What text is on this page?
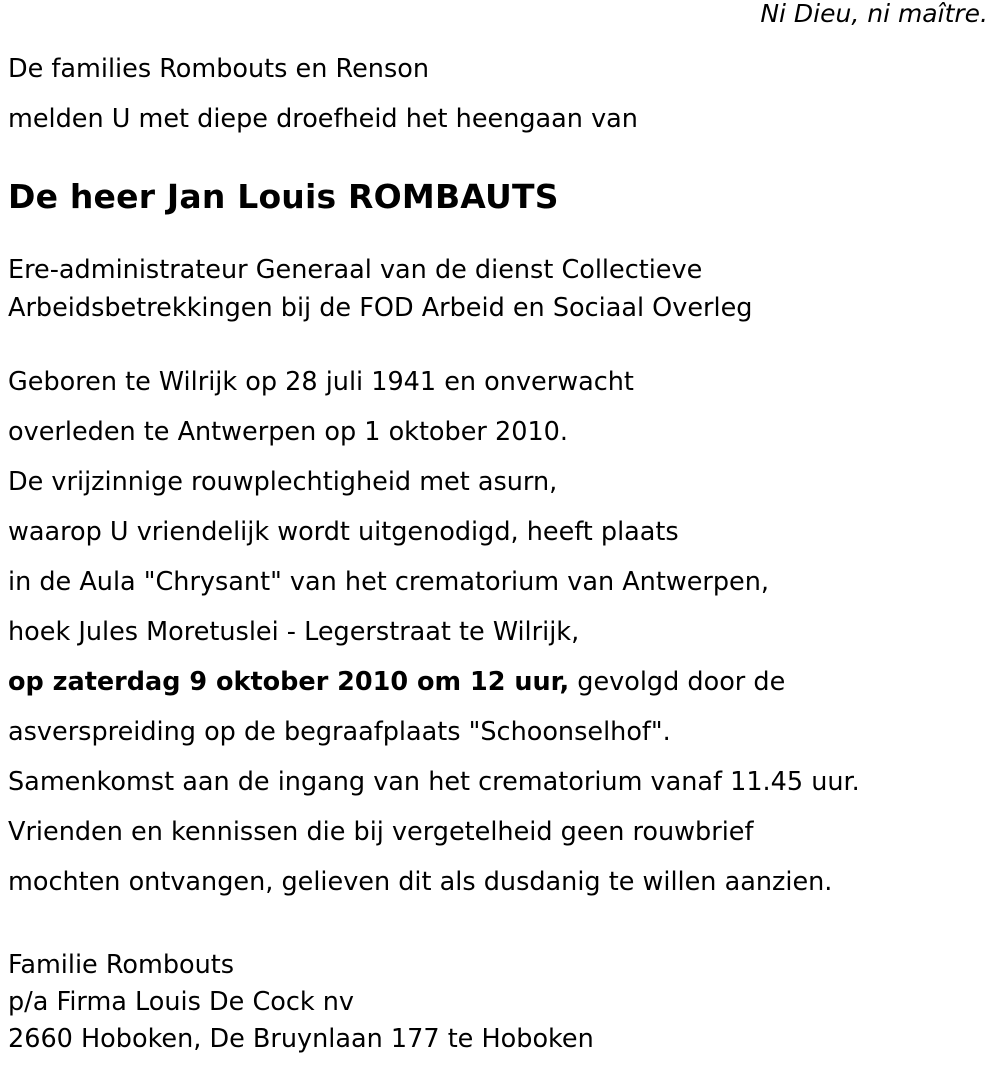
Ni Dieu, ni maître.
De families Rombouts en Renson
melden U met diepe droefheid het heengaan van
De heer Jan Louis ROMBAUTS
Ere-administrateur Generaal van de dienst Collectieve
Arbeidsbetrekkingen bij de FOD Arbeid en Sociaal Overleg
Geboren te Wilrijk op 28 juli 1941 en onverwacht
overleden te Antwerpen op 1 oktober 2010.
De vrijzinnige rouwplechtigheid met asurn,
waarop U vriendelijk wordt uitgenodigd, heeft plaats
in de Aula "Chrysant" van het crematorium van Antwerpen,
hoek Jules Moretuslei - Legerstraat te Wilrijk,
op zaterdag 9 oktober 2010 om 12 uur, gevolgd door de
asverspreiding op de begraafplaats "Schoonselhof".
Samenkomst aan de ingang van het crematorium vanaf 11.45 uur.
Vrienden en kennissen die bij vergetelheid geen rouwbrief
mochten ontvangen, gelieven dit als dusdanig te willen aanzien.
Familie Rombouts
p/a Firma Louis De Cock nv
2660 Hoboken, De Bruynlaan 177 te Hoboken
